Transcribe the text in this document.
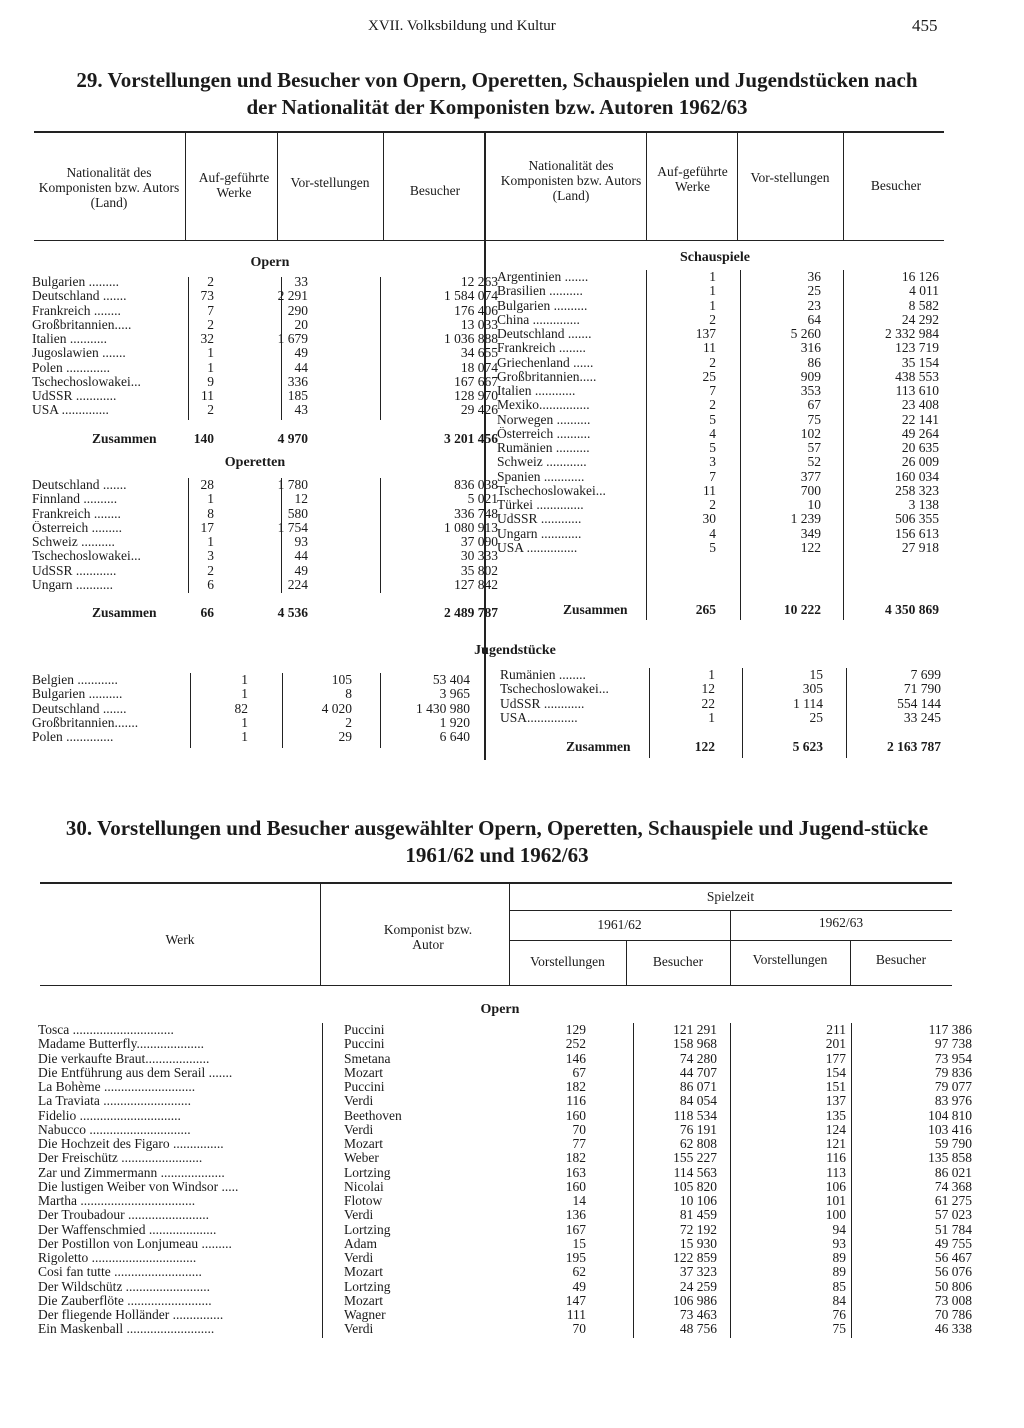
XVII. Volksbildung und Kultur	455
29. Vorstellungen und Besucher von Opern, Operetten, Schauspielen und Jugendstücken nach der Nationalität der Komponisten bzw. Autoren 1962/63
Nationalität des Komponisten bzw. Autors (Land)
Auf-geführte Werke
Vor-stellungen
Besucher
Nationalität des Komponisten bzw. Autors (Land)
Auf-geführte Werke
Vor-stellungen
Besucher
Opern
Operetten
Schauspiele
Jugendstücke
Bulgarien .........	2	33	12 263
Deutschland .......	73	2 291	1 584 074
Frankreich ........	7	290	176 406
Großbritannien.....	2	20	13 033
Italien ...........	32	1 679	1 036 888
Jugoslawien .......	1	49	34 655
Polen .............	1	44	18 074
Tschechoslowakei...	9	336	167 667
UdSSR ............	11	185	128 970
USA ..............	2	43	29 426
Zusammen	140	4 970	3 201 456
Deutschland .......	28	1 780	836 038
Finnland ..........	1	12	5 021
Frankreich ........	8	580	336 748
Österreich .........	17	1 754	1 080 913
Schweiz ..........	1	93	37 090
Tschechoslowakei...	3	44	30 333
UdSSR ............	2	49	35 802
Ungarn ...........	6	224	127 842
Zusammen	66	4 536	2 489 787
Argentinien .......	1	36	16 126
Brasilien ..........	1	25	4 011
Bulgarien ..........	1	23	8 582
China ..............	2	64	24 292
Deutschland .......	137	5 260	2 332 984
Frankreich ........	11	316	123 719
Griechenland ......	2	86	35 154
Großbritannien.....	25	909	438 553
Italien ............	7	353	113 610
Mexiko...............	2	67	23 408
Norwegen ..........	5	75	22 141
Österreich ..........	4	102	49 264
Rumänien ..........	5	57	20 635
Schweiz ............	3	52	26 009
Spanien ............	7	377	160 034
Tschechoslowakei...	11	700	258 323
Türkei ..............	2	10	3 138
UdSSR ............	30	1 239	506 355
Ungarn ............	4	349	156 613
USA ...............	5	122	27 918
Zusammen	265	10 222	4 350 869
Belgien ............	1	105	53 404
Bulgarien ..........	1	8	3 965
Deutschland .......	82	4 020	1 430 980
Großbritannien.......	1	2	1 920
Polen ..............	1	29	6 640
Rumänien ........	1	15	7 699
Tschechoslowakei...	12	305	71 790
UdSSR ............	22	1 114	554 144
USA...............	1	25	33 245
Zusammen	122	5 623	2 163 787
30. Vorstellungen und Besucher ausgewählter Opern, Operetten, Schauspiele und Jugend-stücke 1961/62 und 1962/63
Werk
Komponist bzw. Autor
Spielzeit
1961/62	1962/63
Vorstellungen	Besucher	Vorstellungen	Besucher
Opern
Tosca ..............................	Puccini	129	121 291	211	117 386
Madame Butterfly....................	Puccini	252	158 968	201	97 738
Die verkaufte Braut...................	Smetana	146	74 280	177	73 954
Die Entführung aus dem Serail .......	Mozart	67	44 707	154	79 836
La Bohème ...........................	Puccini	182	86 071	151	79 077
La Traviata ..........................	Verdi	116	84 054	137	83 976
Fidelio ..............................	Beethoven	160	118 534	135	104 810
Nabucco ..............................	Verdi	70	76 191	124	103 416
Die Hochzeit des Figaro ...............	Mozart	77	62 808	121	59 790
Der Freischütz ........................	Weber	182	155 227	116	135 858
Zar und Zimmermann ...................	Lortzing	163	114 563	113	86 021
Die lustigen Weiber von Windsor .....	Nicolai	160	105 820	106	74 368
Martha ..................................	Flotow	14	10 106	101	61 275
Der Troubadour ........................	Verdi	136	81 459	100	57 023
Der Waffenschmied ....................	Lortzing	167	72 192	94	51 784
Der Postillon von Lonjumeau .........	Adam	15	15 930	93	49 755
Rigoletto ...............................	Verdi	195	122 859	89	56 467
Cosi fan tutte ..........................	Mozart	62	37 323	89	56 076
Der Wildschütz .........................	Lortzing	49	24 259	85	50 806
Die Zauberflöte .........................	Mozart	147	106 986	84	73 008
Der fliegende Holländer ...............	Wagner	111	73 463	76	70 786
Ein Maskenball ..........................	Verdi	70	48 756	75	46 338
